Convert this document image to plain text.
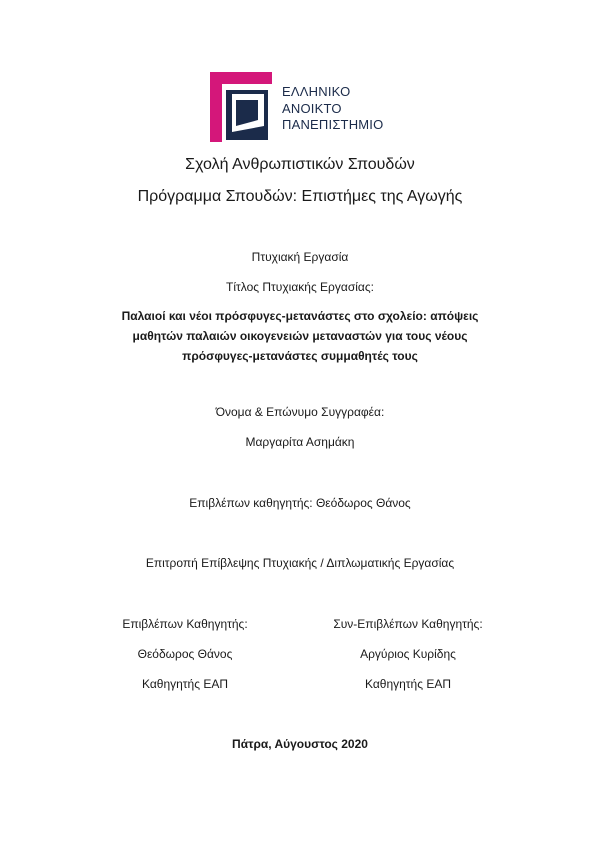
ΕΛΛΗΝΙΚΟ
ΑΝΟΙΚΤΟ
ΠΑΝΕΠΙΣΤΗΜΙΟ
Σχολή Ανθρωπιστικών Σπουδών
Πρόγραμμα Σπουδών: Επιστήμες της Αγωγής
Πτυχιακή Εργασία
Τίτλος Πτυχιακής Εργασίας:
Παλαιοί και νέοι πρόσφυγες-μετανάστες στο σχολείο: απόψεις μαθητών παλαιών οικογενειών μεταναστών για τους νέους πρόσφυγες-μετανάστες συμμαθητές τους
Όνομα & Επώνυμο Συγγραφέα:
Μαργαρίτα Ασημάκη
Επιβλέπων καθηγητής: Θεόδωρος Θάνος
Επιτροπή Επίβλεψης Πτυχιακής / Διπλωματικής Εργασίας
Επιβλέπων Καθηγητής:	Συν-Επιβλέπων Καθηγητής:
Θεόδωρος Θάνος	Αργύριος Κυρίδης
Καθηγητής ΕΑΠ	Καθηγητής ΕΑΠ
Πάτρα, Αύγουστος 2020
